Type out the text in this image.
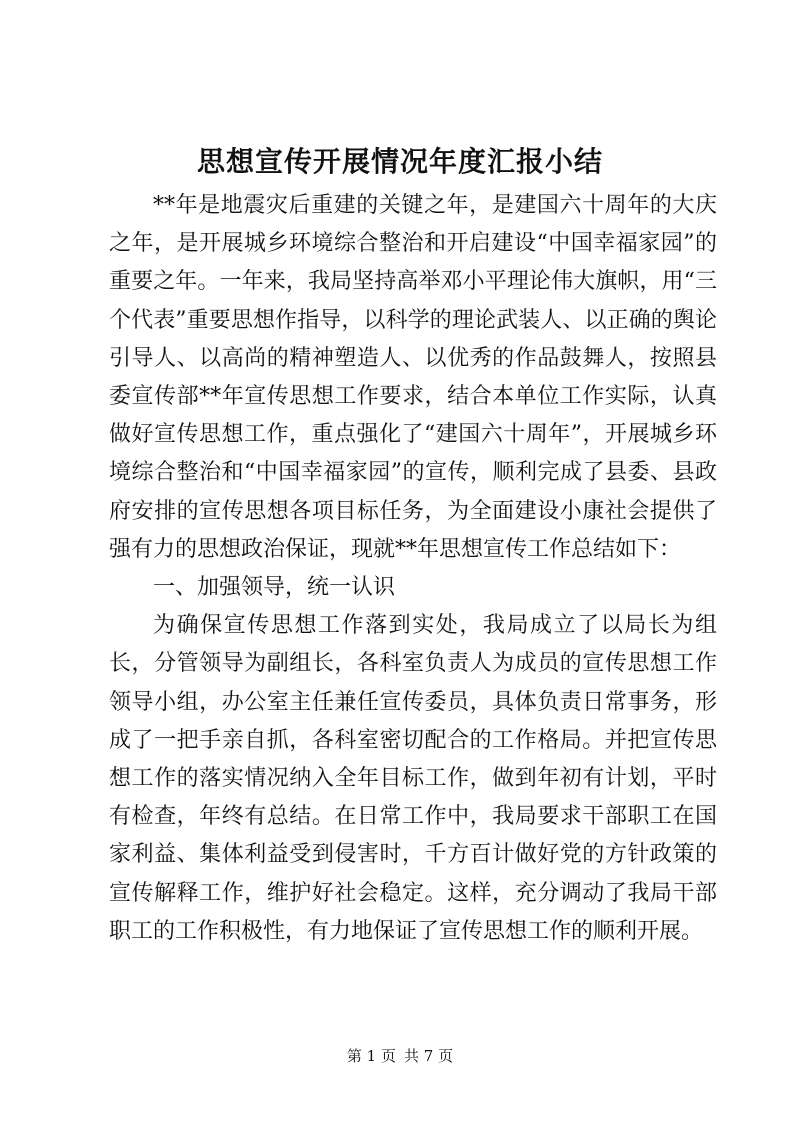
思想宣传开展情况年度汇报小结

**年是地震灾后重建的关键之年，是建国六十周年的大庆之年，是开展城乡环境综合整治和开启建设“中国幸福家园”的重要之年。一年来，我局坚持高举邓小平理论伟大旗帜，用“三个代表”重要思想作指导，以科学的理论武装人、以正确的舆论引导人、以高尚的精神塑造人、以优秀的作品鼓舞人，按照县委宣传部**年宣传思想工作要求，结合本单位工作实际，认真做好宣传思想工作，重点强化了“建国六十周年”，开展城乡环境综合整治和“中国幸福家园”的宣传，顺利完成了县委、县政府安排的宣传思想各项目标任务，为全面建设小康社会提供了强有力的思想政治保证，现就**年思想宣传工作总结如下：

一、加强领导，统一认识

为确保宣传思想工作落到实处，我局成立了以局长为组长，分管领导为副组长，各科室负责人为成员的宣传思想工作领导小组，办公室主任兼任宣传委员，具体负责日常事务，形成了一把手亲自抓，各科室密切配合的工作格局。并把宣传思想工作的落实情况纳入全年目标工作，做到年初有计划，平时有检查，年终有总结。在日常工作中，我局要求干部职工在国家利益、集体利益受到侵害时，千方百计做好党的方针政策的宣传解释工作，维护好社会稳定。这样，充分调动了我局干部职工的工作积极性，有力地保证了宣传思想工作的顺利开展。

第 1 页 共 7 页
